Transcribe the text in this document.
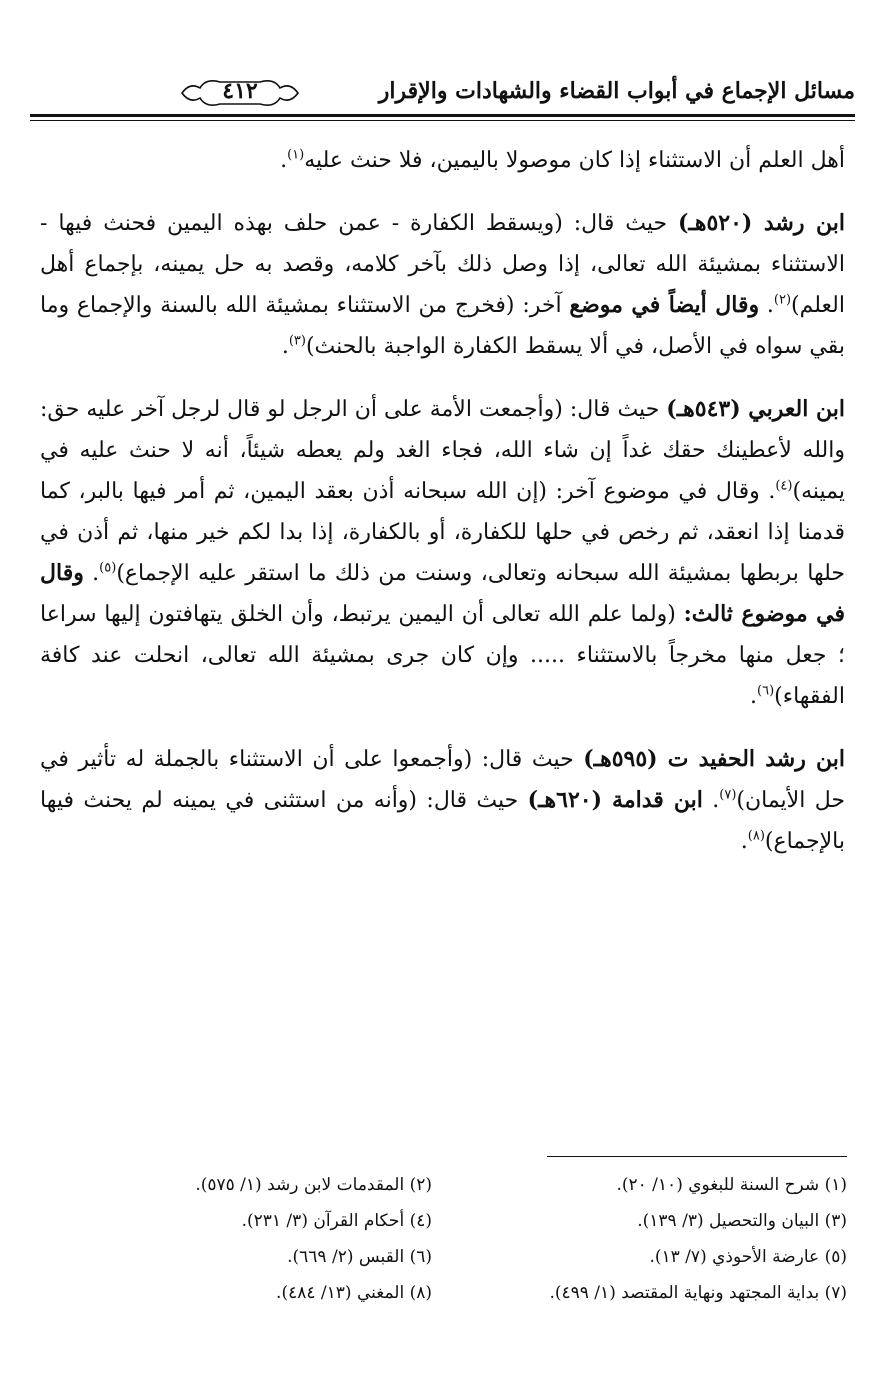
مسائل الإجماع في أبواب القضاء والشهادات والإقرار
٤١٢

أهل العلم أن الاستثناء إذا كان موصولا باليمين، فلا حنث عليه$^{(١)}$.

ابن رشد (٥٢٠هـ) حيث قال: (ويسقط الكفارة - عمن حلف بهذه اليمين فحنث فيها - الاستثناء بمشيئة الله تعالى، إذا وصل ذلك بآخر كلامه، وقصد به حل يمينه، بإجماع أهل العلم)$^{(٢)}$. وقال أيضاً في موضع آخر: (فخرج من الاستثناء بمشيئة الله بالسنة والإجماع وما بقي سواه في الأصل، في ألا يسقط الكفارة الواجبة بالحنث)$^{(٣)}$.

ابن العربي (٥٤٣هـ) حيث قال: (وأجمعت الأمة على أن الرجل لو قال لرجل آخر عليه حق: والله لأعطينك حقك غداً إن شاء الله، فجاء الغد ولم يعطه شيئاً، أنه لا حنث عليه في يمينه)$^{(٤)}$. وقال في موضوع آخر: (إن الله سبحانه أذن بعقد اليمين، ثم أمر فيها بالبر، كما قدمنا إذا انعقد، ثم رخص في حلها للكفارة، أو بالكفارة، إذا بدا لكم خير منها، ثم أذن في حلها بربطها بمشيئة الله سبحانه وتعالى، وسنت من ذلك ما استقر عليه الإجماع)$^{(٥)}$. وقال في موضوع ثالث: (ولما علم الله تعالى أن اليمين يرتبط، وأن الخلق يتهافتون إليها سراعا ؛ جعل منها مخرجاً بالاستثناء ..... وإن كان جرى بمشيئة الله تعالى، انحلت عند كافة الفقهاء)$^{(٦)}$.

ابن رشد الحفيد ت (٥٩٥هـ) حيث قال: (وأجمعوا على أن الاستثناء بالجملة له تأثير في حل الأيمان)$^{(٧)}$. ابن قدامة (٦٢٠هـ) حيث قال: (وأنه من استثنى في يمينه لم يحنث فيها بالإجماع)$^{(٨)}$.

(١) شرح السنة للبغوي (١٠/ ٢٠).
(٢) المقدمات لابن رشد (١/ ٥٧٥).
(٣) البيان والتحصيل (٣/ ١٣٩).
(٤) أحكام القرآن (٣/ ٢٣١).
(٥) عارضة الأحوذي (٧/ ١٣).
(٦) القبس (٢/ ٦٦٩).
(٧) بداية المجتهد ونهاية المقتصد (١/ ٤٩٩).
(٨) المغني (١٣/ ٤٨٤).
